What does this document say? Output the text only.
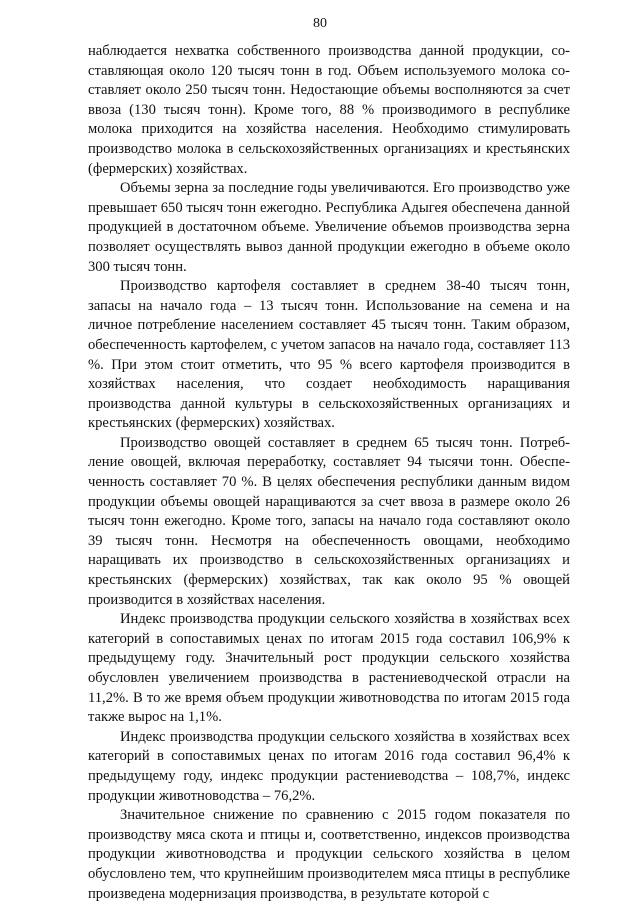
80

наблюдается нехватка собственного производства данной продукции, составляющая около 120 тысяч тонн в год. Объем используемого молока составляет около 250 тысяч тонн. Недостающие объемы восполняются за счет ввоза (130 тысяч тонн). Кроме того, 88 % производимого в республике молока приходится на хозяйства населения. Необходимо стимулировать производство молока в сельскохозяйственных организациях и крестьянских (фермерских) хозяйствах.

Объемы зерна за последние годы увеличиваются. Его производство уже превышает 650 тысяч тонн ежегодно. Республика Адыгея обеспечена данной продукцией в достаточном объеме. Увеличение объемов производства зерна позволяет осуществлять вывоз данной продукции ежегодно в объеме около 300 тысяч тонн.

Производство картофеля составляет в среднем 38-40 тысяч тонн, запасы на начало года – 13 тысяч тонн. Использование на семена и на личное потребление населением составляет 45 тысяч тонн. Таким образом, обеспеченность картофелем, с учетом запасов на начало года, составляет 113 %. При этом стоит отметить, что 95 % всего картофеля производится в хозяйствах населения, что создает необходимость наращивания производства данной культуры в сельскохозяйственных организациях и крестьянских (фермерских) хозяйствах.

Производство овощей составляет в среднем 65 тысяч тонн. Потребление овощей, включая переработку, составляет 94 тысячи тонн. Обеспеченность составляет 70 %. В целях обеспечения республики данным видом продукции объемы овощей наращиваются за счет ввоза в размере около 26 тысяч тонн ежегодно. Кроме того, запасы на начало года составляют около 39 тысяч тонн. Несмотря на обеспеченность овощами, необходимо наращивать их производство в сельскохозяйственных организациях и крестьянских (фермерских) хозяйствах, так как около 95 % овощей производится в хозяйствах населения.

Индекс производства продукции сельского хозяйства в хозяйствах всех категорий в сопоставимых ценах по итогам 2015 года составил 106,9% к предыдущему году. Значительный рост продукции сельского хозяйства обусловлен увеличением производства в растениеводческой отрасли на 11,2%. В то же время объем продукции животноводства по итогам 2015 года также вырос на 1,1%.

Индекс производства продукции сельского хозяйства в хозяйствах всех категорий в сопоставимых ценах по итогам 2016 года составил 96,4% к предыдущему году, индекс продукции растениеводства – 108,7%, индекс продукции животноводства – 76,2%.

Значительное снижение по сравнению с 2015 годом показателя по производству мяса скота и птицы и, соответственно, индексов производства продукции животноводства и продукции сельского хозяйства в целом обусловлено тем, что крупнейшим производителем мяса птицы в республике произведена модернизация производства, в результате которой с
